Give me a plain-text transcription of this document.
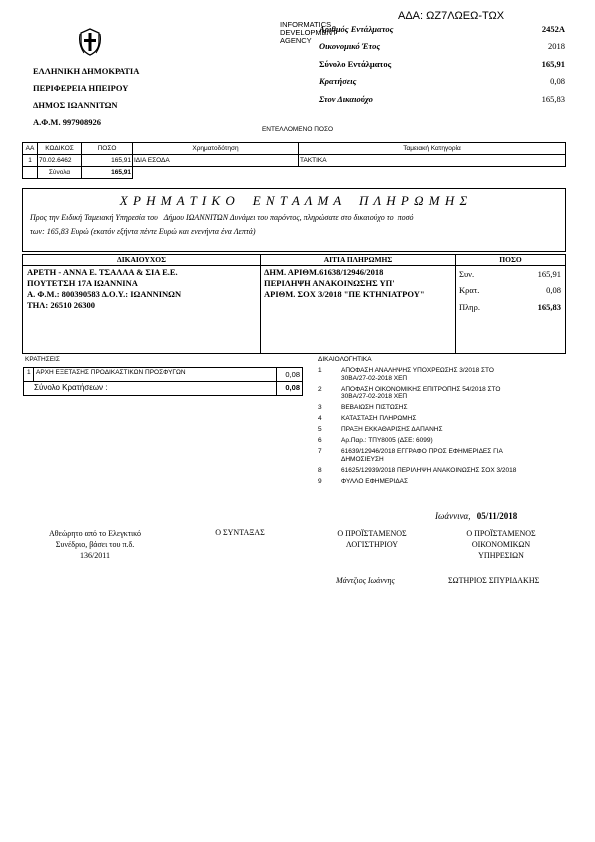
ΑΔΑ: ΩΖ7ΛΩΕΩ-ΤΩΧ
INFORMATICS
DEVELOPMENT
AGENCY
ΕΛΛΗΝΙΚΗ ΔΗΜΟΚΡΑΤΙΑ
ΠΕΡΙΦΕΡΕΙΑ ΗΠΕΙΡΟΥ
ΔΗΜΟΣ ΙΩΑΝΝΙΤΩΝ
Α.Φ.Μ. 997908926
Αριθμός Εντάλματος	2452A
Οικονομικό Έτος	2018
Σύνολο Εντάλματος	165,91
Κρατήσεις	0,08
Στον Δικαιούχο	165,83
ΕΝΤΕΛΛΟΜΕΝΟ ΠΟΣΟ
ΑΑ	ΚΩΔΙΚΟΣ	ΠΟΣΟ	Χρηματοδότηση	Ταμειακή Κατηγορία
1	70.02.6462	165,91	ΙΔΙΑ ΕΣΟΔΑ	ΤΑΚΤΙΚΑ
	Σύνολα	165,91		
Χ Ρ Η Μ Α Τ Ι Κ Ο    Ε Ν Τ Α Λ Μ Α    Π Λ Η Ρ Ω Μ Η Σ
Προς την Ειδική Ταμειακή Υπηρεσία του   Δήμου ΙΩΑΝΝΙΤΩΝ Δυνάμει του παρόντος, πληρώσατε στο δικαιούχο το  ποσό
των: 165,83 Ευρώ (εκατόν εξήντα πέντε Ευρώ και ενενήντα ένα Λεπτά)
ΔΙΚΑΙΟΥΧΟΣ	ΑΙΤΙΑ ΠΛΗΡΩΜΗΣ	ΠΟΣΟ
ΑΡΕΤΗ - ΑΝΝΑ Ε. ΤΣΑΛΛΑ & ΣΙΑ Ε.Ε.
ΠΟΥΤΕΤΣΗ 17Α ΙΩΑΝΝΙΝΑ
Α. Φ.Μ.: 800390583 Δ.Ο.Υ.: ΙΩΑΝΝΙΝΩΝ
ΤΗΛ: 26510 26300
ΔΗΜ. ΑΡΙΘΜ.61638/12946/2018
ΠΕΡΙΛΗΨΗ ΑΝΑΚΟΙΝΩΣΗΣ ΥΠ'
ΑΡΙΘΜ. ΣΟΧ 3/2018 "ΠΕ ΚΤΗΝΙΑΤΡΟΥ"
Συν.	165,91
Κρατ.	0,08
Πληρ.	165,83
ΚΡΑΤΗΣΕΙΣ
1 ΑΡΧΗ ΕΞΕΤΑΣΗΣ ΠΡΟΔΙΚΑΣΤΙΚΩΝ ΠΡΟΣΦΥΓΩΝ	0,08
Σύνολο Κρατήσεων :	0,08
ΔΙΚΑΙΟΛΟΓΗΤΙΚΑ
1	ΑΠΟΦΑΣΗ ΑΝΑΛΗΨΗΣ ΥΠΟΧΡΕΩΣΗΣ 3/2018 ΣΤΟ
30ΒΑ/27-02-2018 ΧΕΠ
2	ΑΠΟΦΑΣΗ ΟΙΚΟΝΟΜΙΚΗΣ ΕΠΙΤΡΟΠΗΣ 54/2018 ΣΤΟ
30ΒΑ/27-02-2018 ΧΕΠ
3	ΒΕΒΑΙΩΣΗ ΠΙΣΤΩΣΗΣ
4	ΚΑΤΑΣΤΑΣΗ ΠΛΗΡΩΜΗΣ
5	ΠΡΑΞΗ ΕΚΚΑΘΑΡΙΣΗΣ ΔΑΠΑΝΗΣ
6	Αρ.Παρ.: ΤΠΥ8005 (ΔΣΕ: 6099)
7	61639/12946/2018 ΕΓΓΡΑΦΟ ΠΡΟΣ ΕΦΗΜΕΡΙΔΕΣ ΓΙΑ
ΔΗΜΟΣΙΕΥΣΗ
8	61625/12939/2018 ΠΕΡΙΛΗΨΗ ΑΝΑΚΟΙΝΩΣΗΣ ΣΟΧ 3/2018
9	ΦΥΛΛΟ ΕΦΗΜΕΡΙΔΑΣ
Ιωάννινα, 05/11/2018
Αθεώρητο από το Ελεγκτικό
Συνέδριο, βάσει του π.δ.
136/2011
Ο ΣΥΝΤΑΞΑΣ	Ο ΠΡΟΪΣΤΑΜΕΝΟΣ
ΛΟΓΙΣΤΗΡΙΟΥ
Ο ΠΡΟΪΣΤΑΜΕΝΟΣ
ΟΙΚΟΝΟΜΙΚΩΝ
ΥΠΗΡΕΣΙΩΝ
Μάντζιος Ιωάννης	ΣΩΤΗΡΙΟΣ ΣΠΥΡΙΔΑΚΗΣ
